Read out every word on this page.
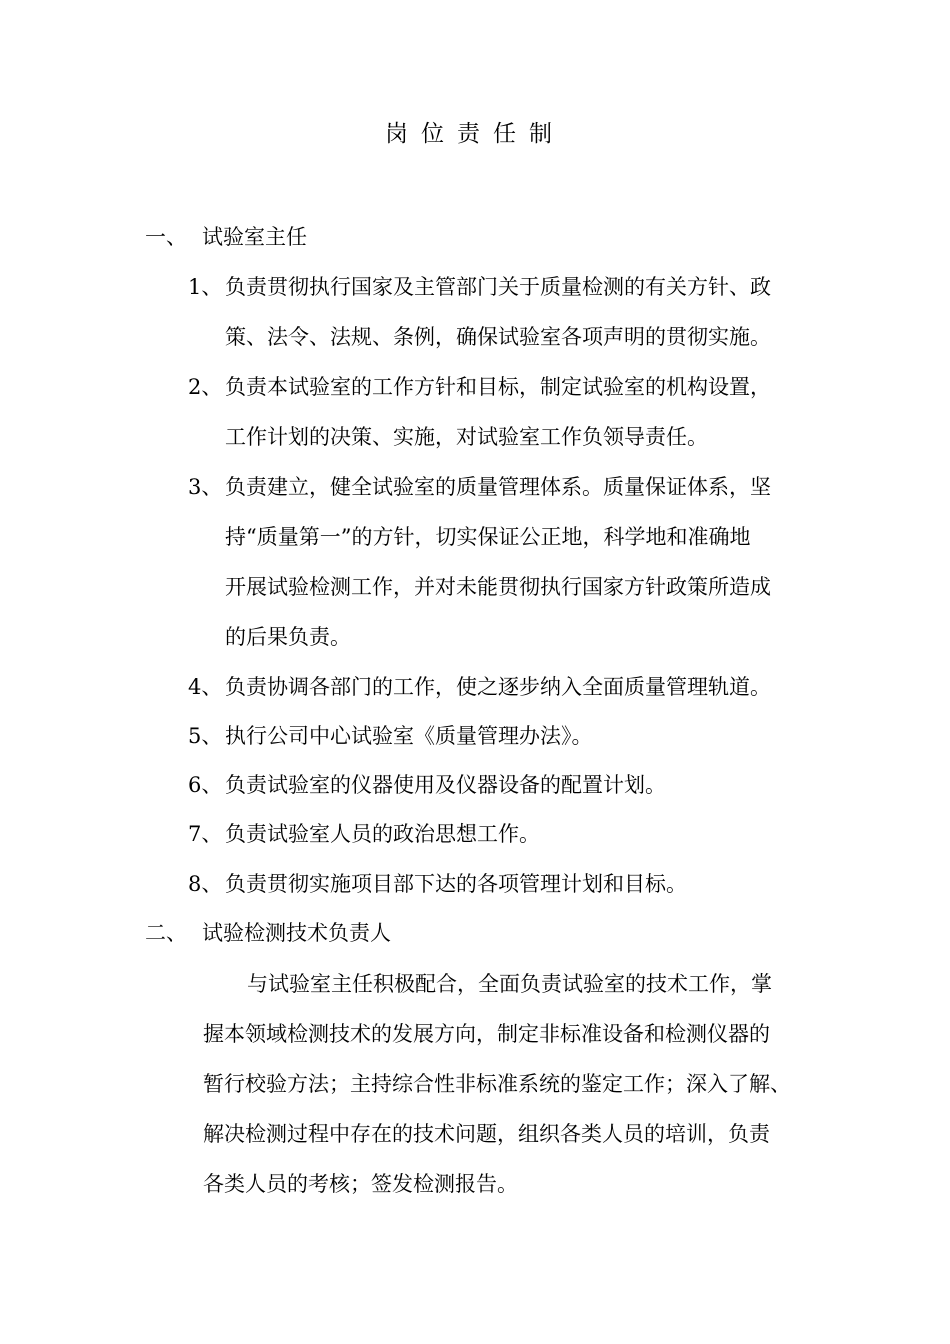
岗位责任制
一、 试验室主任
1、 负责贯彻执行国家及主管部门关于质量检测的有关方针、政
策、法令、法规、条例，确保试验室各项声明的贯彻实施。
2、 负责本试验室的工作方针和目标，制定试验室的机构设置，
工作计划的决策、实施，对试验室工作负领导责任。
3、 负责建立，健全试验室的质量管理体系。质量保证体系，坚
持“质量第一”的方针，切实保证公正地，科学地和准确地
开展试验检测工作，并对未能贯彻执行国家方针政策所造成
的后果负责。
4、 负责协调各部门的工作，使之逐步纳入全面质量管理轨道。
5、 执行公司中心试验室《质量管理办法》。
6、 负责试验室的仪器使用及仪器设备的配置计划。
7、 负责试验室人员的政治思想工作。
8、 负责贯彻实施项目部下达的各项管理计划和目标。
二、 试验检测技术负责人
与试验室主任积极配合，全面负责试验室的技术工作，掌
握本领域检测技术的发展方向，制定非标准设备和检测仪器的
暂行校验方法；主持综合性非标准系统的鉴定工作；深入了解、
解决检测过程中存在的技术问题，组织各类人员的培训，负责
各类人员的考核；签发检测报告。
